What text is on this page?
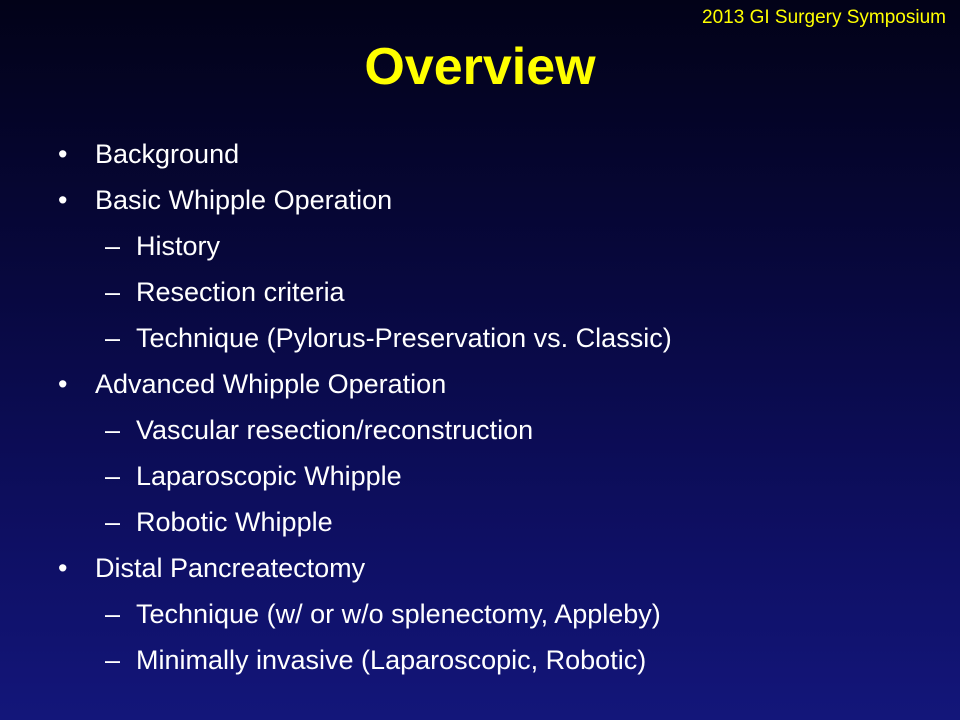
2013 GI Surgery Symposium
Overview
• Background
• Basic Whipple Operation
– History
– Resection criteria
– Technique (Pylorus-Preservation vs. Classic)
• Advanced Whipple Operation
– Vascular resection/reconstruction
– Laparoscopic Whipple
– Robotic Whipple
• Distal Pancreatectomy
– Technique (w/ or w/o splenectomy, Appleby)
– Minimally invasive (Laparoscopic, Robotic)
